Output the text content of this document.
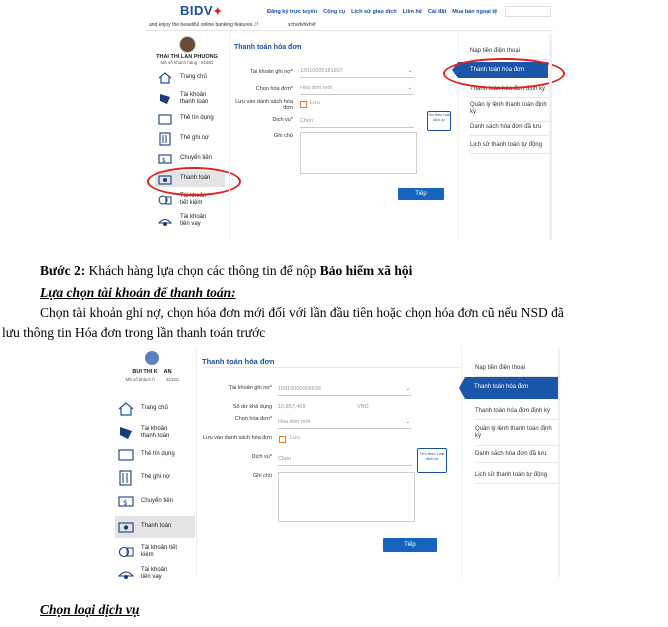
BIDV✦	Đăng ký trực tuyến Cộng cụ Lịch sử giao dịch Liên hệ Cài đặt Mua bán ngoại tệ
and enjoy the beautiful online banking features..!!	xchvdvhkhvf
THAI THI LAN PHUONG
Mã số khách hàng : 51581
Trang chủ
Tài khoản
thanh toán
Thẻ tín dụng
Thẻ ghi nợ
$ Chuyển tiền
Thanh toán
Tài khoản
tiết kiệm
Tài khoản
tiền vay
Thanh toán hóa đơn
Tài khoản ghi nợ* 12010000181927	⌄
Chọn hóa đơn* Hóa đơn mới	⌄
Lưu vào danh sách hóa đơn
Lưu
Dịch vụ* Chọn
Tìm theo Loại dịch vụ
Ghi chú
Tiếp
Nạp tiền điện thoại
Thanh toán hóa đơn
Thanh toán hóa đơn định kỳ
Quản lý lệnh thanh toán định kỳ
Danh sách hóa đơn đã lưu
Lịch sử thanh toán tự động
Bước 2: Khách hàng lựa chọn các thông tin để nộp Bảo hiểm xã hội
Lựa chọn tài khoản để thanh toán:
Chọn tài khoản ghi nợ, chọn hóa đơn mới đối với lần đầu tiên hoặc chọn hóa đơn cũ nếu NSD đã
lưu thông tin Hóa đơn trong lần thanh toán trước
BUI THI K    AN
Mã số khách h         32322
Trang chủ
Tài khoản
thanh toán
Thẻ tín dụng
Thẻ ghi nợ
$ Chuyển tiền
Thanh toán
Tài khoản tiết
kiệm
Tài khoản
tiền vay
Thanh toán hóa đơn
Tài khoản ghi nợ* 19910000006699	⌄
Số dư khả dụng 10,857,469	VND
Chọn hóa đơn* Hóa đơn mới	⌄
Lưu vào danh sách hóa đơn	Lưu
Dịch vụ* Chọn
Tìm theo Loại dịch vụ
Ghi chú
Tiếp
Nạp tiền điện thoại
Thanh toán hóa đơn
Thanh toán hóa đơn định kỳ
Quản lý lệnh thanh toán định kỳ
Danh sách hóa đơn đã lưu
Lịch sử thanh toán tự động
Chọn loại dịch vụ
